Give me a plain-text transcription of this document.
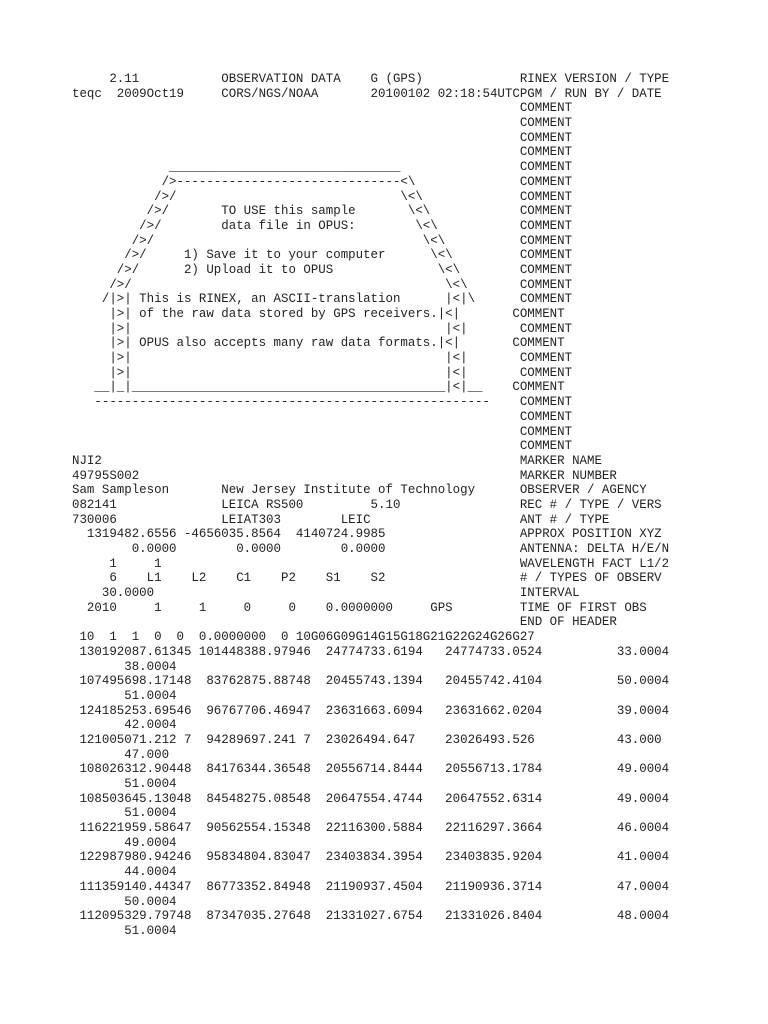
2.11           OBSERVATION DATA    G (GPS)             RINEX VERSION / TYPE
teqc  2009Oct19     CORS/NGS/NOAA       20100102 02:18:54UTCPGM / RUN BY / DATE
COMMENT
COMMENT
COMMENT
COMMENT
_______________________________                COMMENT
/>------------------------------<\              COMMENT
/>/                              \<\             COMMENT
/>/       TO USE this sample       \<\            COMMENT
/>/        data file in OPUS:        \<\           COMMENT
/>/                                    \<\          COMMENT
/>/     1) Save it to your computer      \<\         COMMENT
/>/      2) Upload it to OPUS              \<\        COMMENT
/>/                                          \<\       COMMENT
/|>| This is RINEX, an ASCII-translation      |<|\      COMMENT
|>| of the raw data stored by GPS receivers.|<|       COMMENT
|>|                                          |<|       COMMENT
|>| OPUS also accepts many raw data formats.|<|       COMMENT
|>|                                          |<|       COMMENT
|>|                                          |<|       COMMENT
__|_|__________________________________________|<|__    COMMENT
-----------------------------------------------------    COMMENT
COMMENT
COMMENT
COMMENT
NJI2                                                        MARKER NAME
49795S002                                                   MARKER NUMBER
Sam Sampleson       New Jersey Institute of Technology      OBSERVER / AGENCY
082141              LEICA RS500         5.10                REC # / TYPE / VERS
730006              LEIAT303        LEIC                    ANT # / TYPE
1319482.6556 -4656035.8564  4140724.9985                  APPROX POSITION XYZ
0.0000        0.0000        0.0000                  ANTENNA: DELTA H/E/N
1     1                                                WAVELENGTH FACT L1/2
6    L1    L2    C1    P2    S1    S2                  # / TYPES OF OBSERV
30.0000                                                 INTERVAL
2010     1     1     0     0    0.0000000     GPS         TIME OF FIRST OBS
END OF HEADER
10  1  1  0  0  0.0000000  0 10G06G09G14G15G18G21G22G24G26G27
130192087.61345 101448388.97946  24774733.6194   24774733.0524          33.0004
38.0004
107495698.17148  83762875.88748  20455743.1394   20455742.4104          50.0004
51.0004
124185253.69546  96767706.46947  23631663.6094   23631662.0204          39.0004
42.0004
121005071.212 7  94289697.241 7  23026494.647    23026493.526           43.000
47.000
108026312.90448  84176344.36548  20556714.8444   20556713.1784          49.0004
51.0004
108503645.13048  84548275.08548  20647554.4744   20647552.6314          49.0004
51.0004
116221959.58647  90562554.15348  22116300.5884   22116297.3664          46.0004
49.0004
122987980.94246  95834804.83047  23403834.3954   23403835.9204          41.0004
44.0004
111359140.44347  86773352.84948  21190937.4504   21190936.3714          47.0004
50.0004
112095329.79748  87347035.27648  21331027.6754   21331026.8404          48.0004
51.0004
